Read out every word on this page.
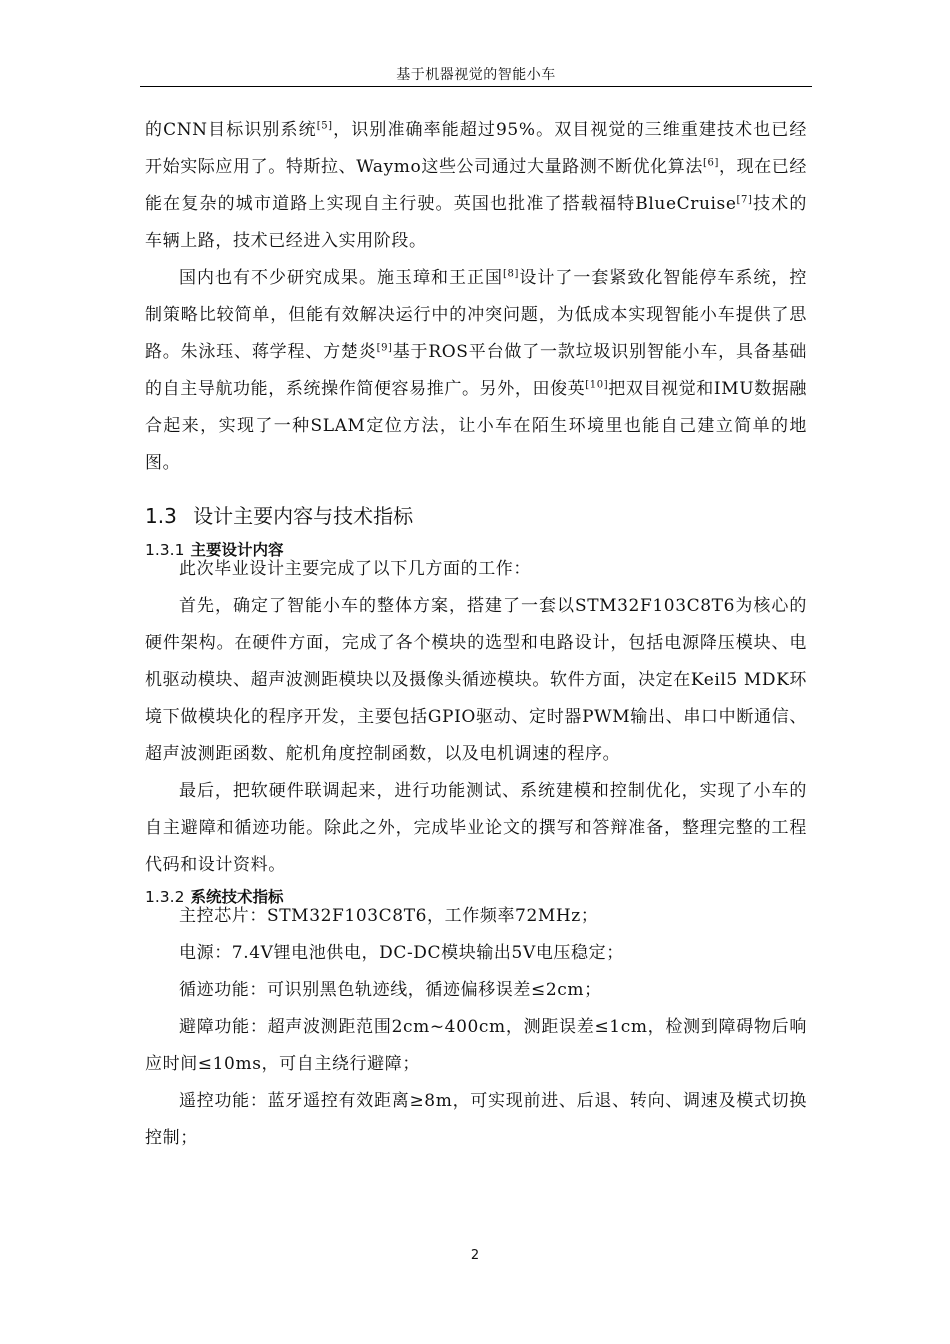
基于机器视觉的智能小车

的CNN目标识别系统[5]，识别准确率能超过95%。双目视觉的三维重建技术也已经开始实际应用了。特斯拉、Waymo这些公司通过大量路测不断优化算法[6]，现在已经能在复杂的城市道路上实现自主行驶。英国也批准了搭载福特BlueCruise[7]技术的车辆上路，技术已经进入实用阶段。

国内也有不少研究成果。施玉璋和王正国[8]设计了一套紧致化智能停车系统，控制策略比较简单，但能有效解决运行中的冲突问题，为低成本实现智能小车提供了思路。朱泳珏、蒋学程、方楚炎[9]基于ROS平台做了一款垃圾识别智能小车，具备基础的自主导航功能，系统操作简便容易推广。另外，田俊英[10]把双目视觉和IMU数据融合起来，实现了一种SLAM定位方法，让小车在陌生环境里也能自己建立简单的地图。

1.3 设计主要内容与技术指标
1.3.1 主要设计内容

此次毕业设计主要完成了以下几方面的工作：

首先，确定了智能小车的整体方案，搭建了一套以STM32F103C8T6为核心的硬件架构。在硬件方面，完成了各个模块的选型和电路设计，包括电源降压模块、电机驱动模块、超声波测距模块以及摄像头循迹模块。软件方面，决定在Keil5 MDK环境下做模块化的程序开发，主要包括GPIO驱动、定时器PWM输出、串口中断通信、超声波测距函数、舵机角度控制函数，以及电机调速的程序。

最后，把软硬件联调起来，进行功能测试、系统建模和控制优化，实现了小车的自主避障和循迹功能。除此之外，完成毕业论文的撰写和答辩准备，整理完整的工程代码和设计资料。

1.3.2 系统技术指标

主控芯片：STM32F103C8T6，工作频率72MHz；

电源：7.4V锂电池供电，DC-DC模块输出5V电压稳定；

循迹功能：可识别黑色轨迹线，循迹偏移误差≤2cm；

避障功能：超声波测距范围2cm~400cm，测距误差≤1cm，检测到障碍物后响应时间≤10ms，可自主绕行避障；

遥控功能：蓝牙遥控有效距离≥8m，可实现前进、后退、转向、调速及模式切换控制；

2
